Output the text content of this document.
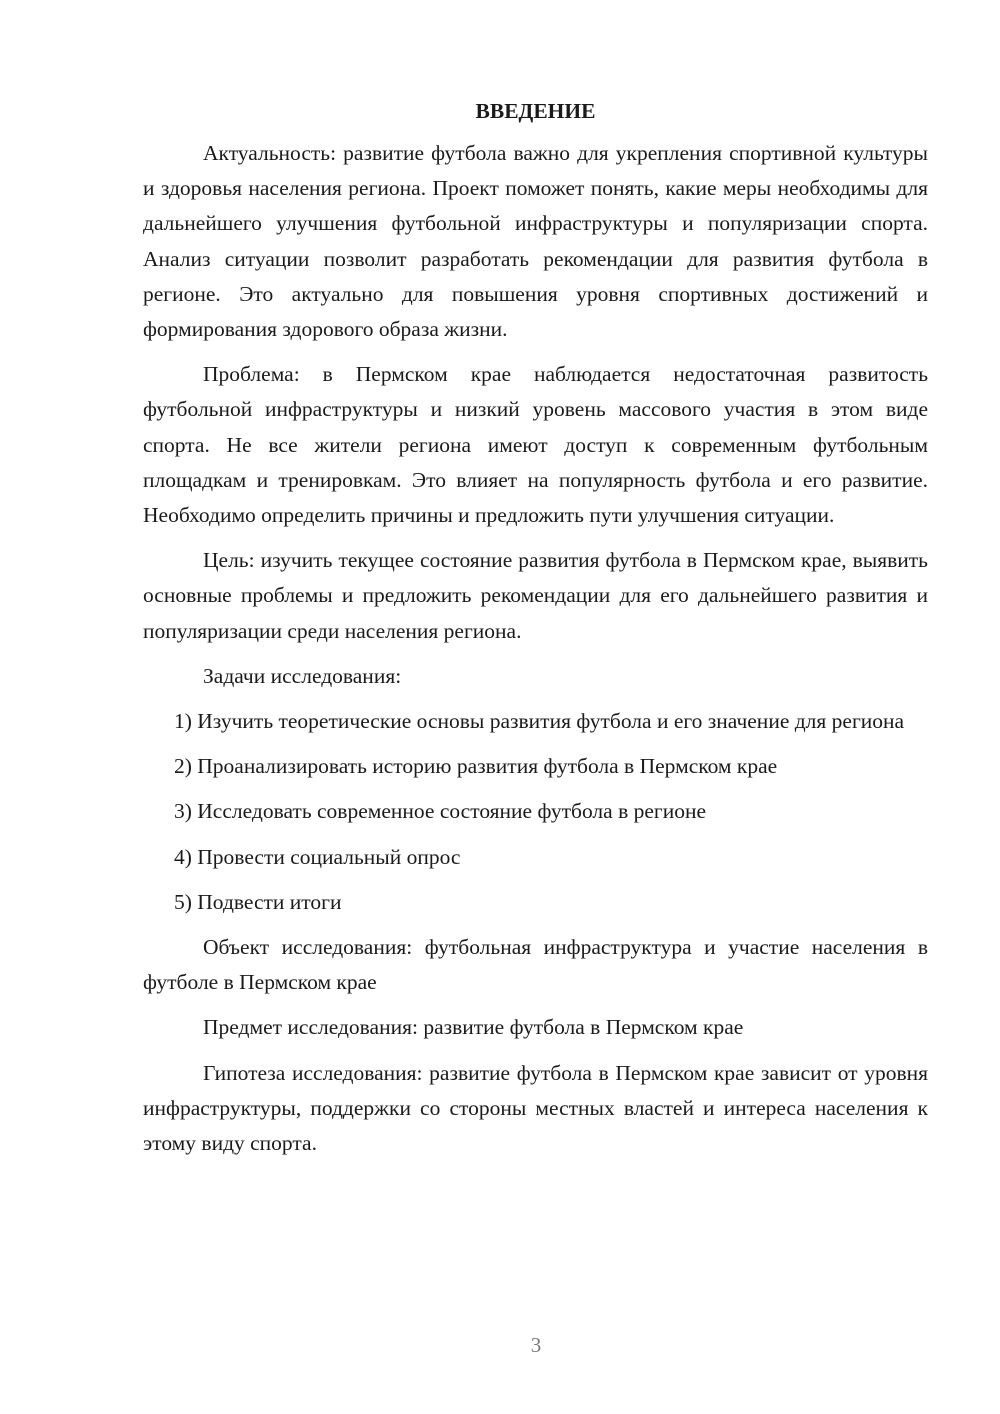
ВВЕДЕНИЕ

Актуальность: развитие футбола важно для укрепления спортивной культуры и здоровья населения региона. Проект поможет понять, какие меры необходимы для дальнейшего улучшения футбольной инфраструктуры и популяризации спорта. Анализ ситуации позволит разработать рекомендации для развития футбола в регионе. Это актуально для повышения уровня спортивных достижений и формирования здорового образа жизни.

Проблема: в Пермском крае наблюдается недостаточная развитость футбольной инфраструктуры и низкий уровень массового участия в этом виде спорта. Не все жители региона имеют доступ к современным футбольным площадкам и тренировкам. Это влияет на популярность футбола и его развитие. Необходимо определить причины и предложить пути улучшения ситуации.

Цель: изучить текущее состояние развития футбола в Пермском крае, выявить основные проблемы и предложить рекомендации для его дальнейшего развития и популяризации среди населения региона.

Задачи исследования:

1) Изучить теоретические основы развития футбола и его значение для региона

2) Проанализировать историю развития футбола в Пермском крае

3) Исследовать современное состояние футбола в регионе

4) Провести социальный опрос

5) Подвести итоги

Объект исследования: футбольная инфраструктура и участие населения в футболе в Пермском крае

Предмет исследования: развитие футбола в Пермском крае

Гипотеза исследования: развитие футбола в Пермском крае зависит от уровня инфраструктуры, поддержки со стороны местных властей и интереса населения к этому виду спорта.

3
